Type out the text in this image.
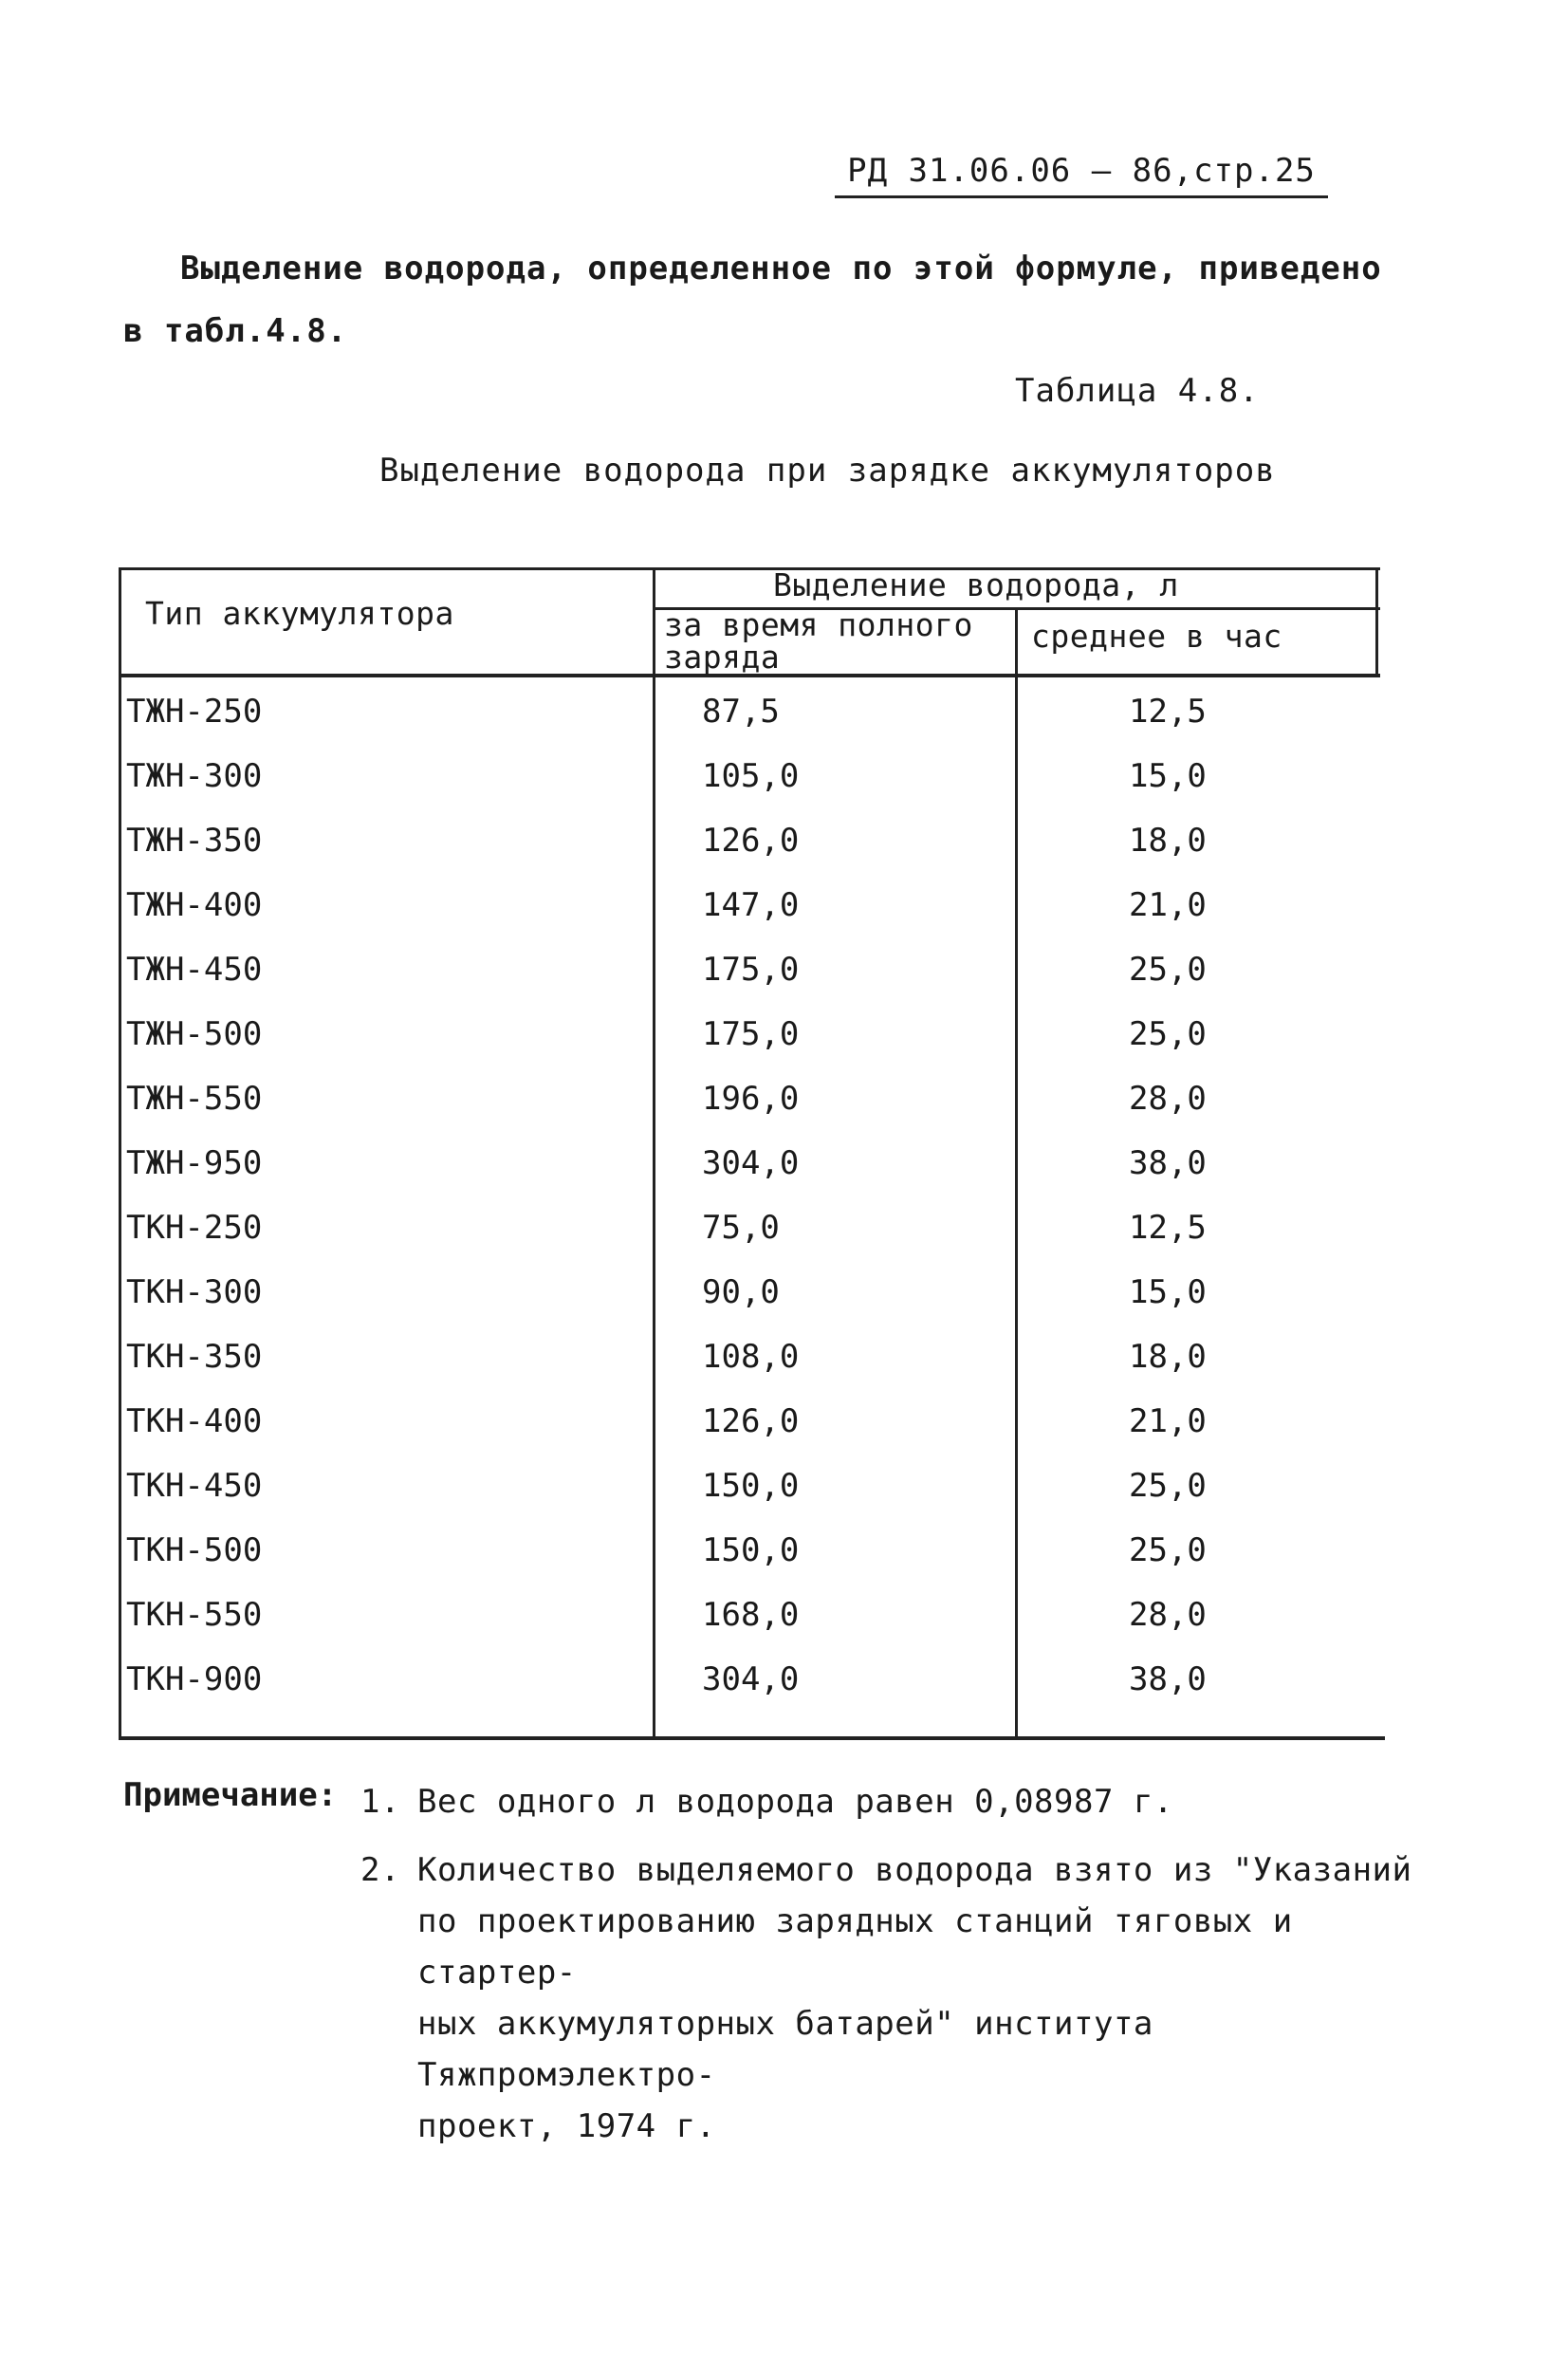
РД 31.06.06 – 86,стр.25
Выделение водорода, определенное по этой формуле, приведено
в табл.4.8.
Таблица 4.8.
Выделение водорода при зарядке аккумуляторов
Тип аккумулятора
Выделение водорода, л
за время полного заряда
среднее в час
ТЖН-250	87,5	12,5
ТЖН-300	105,0	15,0
ТЖН-350	126,0	18,0
ТЖН-400	147,0	21,0
ТЖН-450	175,0	25,0
ТЖН-500	175,0	25,0
ТЖН-550	196,0	28,0
ТЖН-950	304,0	38,0
ТКН-250	75,0	12,5
ТКН-300	90,0	15,0
ТКН-350	108,0	18,0
ТКН-400	126,0	21,0
ТКН-450	150,0	25,0
ТКН-500	150,0	25,0
ТКН-550	168,0	28,0
ТКН-900	304,0	38,0
Примечание: 1. Вес одного л водорода равен 0,08987 г.
2. Количество выделяемого водорода взято из "Указаний
по проектированию зарядных станций тяговых и стартер-
ных аккумуляторных батарей" института Тяжпромэлектро-
проект, 1974 г.
